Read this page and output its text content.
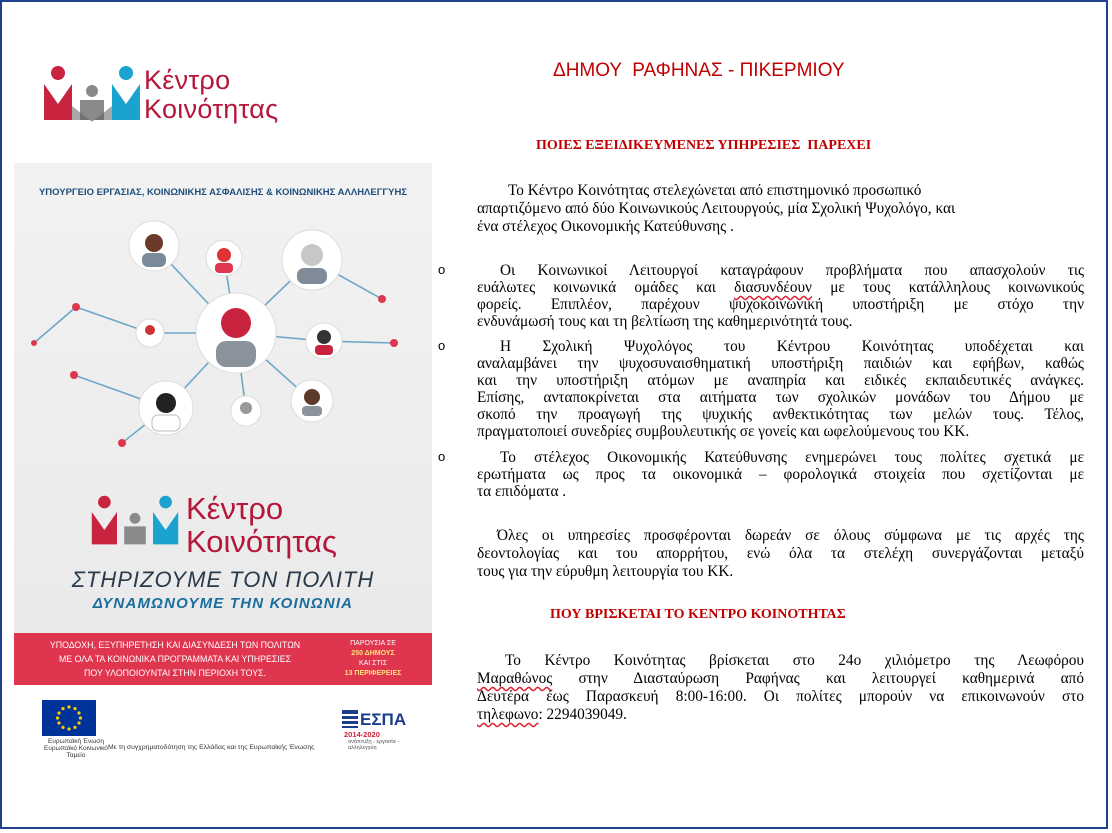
Κέντρο
Κοινότητας
ΥΠΟΥΡΓΕΙΟ ΕΡΓΑΣΙΑΣ, ΚΟΙΝΩΝΙΚΗΣ ΑΣΦΑΛΙΣΗΣ & ΚΟΙΝΩΝΙΚΗΣ ΑΛΛΗΛΕΓΓΥΗΣ
Κέντρο
Κοινότητας
ΣΤΗΡΙΖΟΥΜΕ ΤΟΝ ΠΟΛΙΤΗ
ΔΥΝΑΜΩΝΟΥΜΕ ΤΗΝ ΚΟΙΝΩΝΙΑ
ΥΠΟΔΟΧΗ, ΕΞΥΠΗΡΕΤΗΣΗ ΚΑΙ ΔΙΑΣΥΝΔΕΣΗ ΤΩΝ ΠΟΛΙΤΩΝ
ΜΕ ΟΛΑ ΤΑ ΚΟΙΝΩΝΙΚΑ ΠΡΟΓΡΑΜΜΑΤΑ ΚΑΙ ΥΠΗΡΕΣΙΕΣ
ΠΟΥ ΥΛΟΠΟΙΟΥΝΤΑΙ ΣΤΗΝ ΠΕΡΙΟΧΗ ΤΟΥΣ.
ΠΑΡΟΥΣΙΑ ΣΕ
250 ΔΗΜΟΥΣ
ΚΑΙ ΣΤΙΣ
13 ΠΕΡΙΦΕΡΕΙΕΣ
Ευρωπαϊκή Ένωση
Ευρωπαϊκό Κοινωνικό Ταμείο
Με τη συγχρηματοδότηση της Ελλάδας και της Ευρωπαϊκής Ένωσης
ΕΣΠΑ
2014-2020
ανάπτυξη - εργασία - αλληλεγγύη
ΔΗΜΟΥ  ΡΑΦΗΝΑΣ - ΠΙΚΕΡΜΙΟΥ
ΠΟΙΕΣ ΕΞΕΙΔΙΚΕΥΜΕΝΕΣ ΥΠΗΡΕΣΙΕΣ  ΠΑΡΕΧΕΙ
Το Κέντρο Κοινότητας στελεχώνεται από επιστημονικό προσωπικό
απαρτιζόμενο από δύο Κοινωνικούς Λειτουργούς, μία Σχολική Ψυχολόγο, και
ένα στέλεχος Οικονομικής Κατεύθυνσης .
o	Οι Κοινωνικοί Λειτουργοί καταγράφουν προβλήματα που απασχολούν τις
ευάλωτες κοινωνικά ομάδες και διασυνδέουν με τους κατάλληλους κοινωνικούς
φορείς. Επιπλέον, παρέχουν ψυχοκοινωνική υποστήριξη με στόχο την
ενδυνάμωσή τους και τη βελτίωση της καθημερινότητά τους.
o	Η Σχολική Ψυχολόγος του Κέντρου Κοινότητας υποδέχεται και
αναλαμβάνει την ψυχοσυναισθηματική υποστήριξη παιδιών και εφήβων, καθώς
και την υποστήριξη ατόμων με αναπηρία και ειδικές εκπαιδευτικές ανάγκες.
Επίσης, ανταποκρίνεται στα αιτήματα των σχολικών μονάδων του Δήμου με
σκοπό την προαγωγή της ψυχικής ανθεκτικότητας των μελών τους. Τέλος,
πραγματοποιεί συνεδρίες συμβουλευτικής σε γονείς και ωφελούμενους του ΚΚ.
o	Το στέλεχος Οικονομικής Κατεύθυνσης ενημερώνει τους πολίτες σχετικά με
ερωτήματα ως προς τα οικονομικά – φορολογικά στοιχεία που σχετίζονται με
τα επιδόματα .
Όλες οι υπηρεσίες προσφέρονται δωρεάν σε όλους σύμφωνα με τις αρχές της
δεοντολογίας και του απορρήτου, ενώ όλα τα στελέχη συνεργάζονται μεταξύ
τους για την εύρυθμη λειτουργία του ΚΚ.
ΠΟΥ ΒΡΙΣΚΕΤΑΙ ΤΟ ΚΕΝΤΡΟ ΚΟΙΝΟΤΗΤΑΣ
Το Κέντρο Κοινότητας βρίσκεται στο 24ο χιλιόμετρο της Λεωφόρου
Μαραθώνος στην Διασταύρωση Ραφήνας και λειτουργεί καθημερινά από
Δευτέρα έως Παρασκευή 8:00-16:00. Οι πολίτες μπορούν να επικοινωνούν στο
τηλεφωνο: 2294039049.
